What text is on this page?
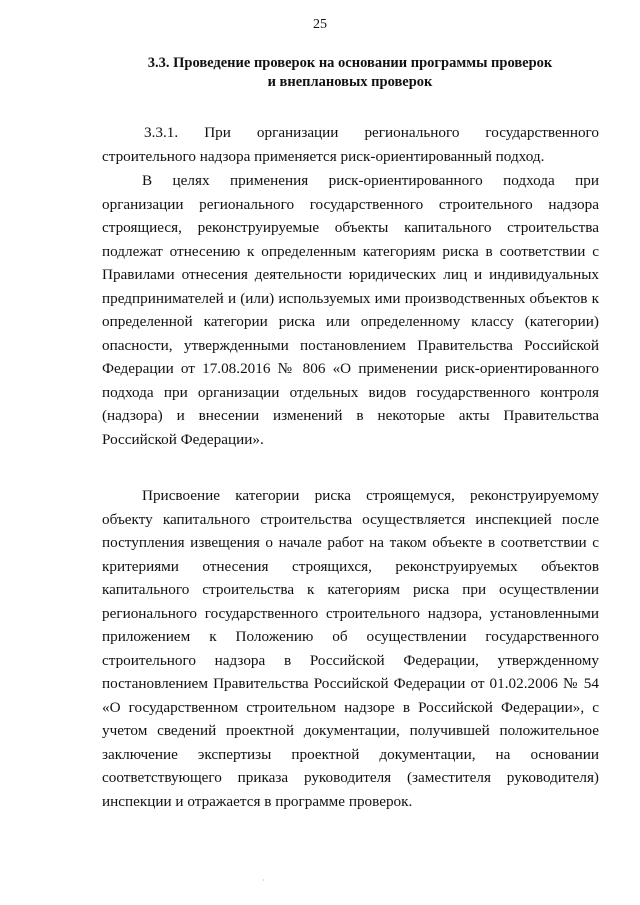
25
3.3. Проведение проверок на основании программы проверок
и внеплановых проверок

3.3.1. При организации регионального государственного строительного надзора применяется риск-ориентированный подход.

В целях применения риск-ориентированного подхода при организации регионального государственного строительного надзора строящиеся, реконструируемые объекты капитального строительства подлежат отнесению к определенным категориям риска в соответствии с Правилами отнесения деятельности юридических лиц и индивидуальных предпринимателей и (или) используемых ими производственных объектов к определенной категории риска или определенному классу (категории) опасности, утвержденными постановлением Правительства Российской Федерации от 17.08.2016 № 806 «О применении риск-ориентированного подхода при организации отдельных видов государственного контроля (надзора) и внесении изменений в некоторые акты Правительства Российской Федерации».

Присвоение категории риска строящемуся, реконструируемому объекту капитального строительства осуществляется инспекцией после поступления извещения о начале работ на таком объекте в соответствии с критериями отнесения строящихся, реконструируемых объектов капитального строительства к категориям риска при осуществлении регионального государственного строительного надзора, установленными приложением к Положению об осуществлении государственного строительного надзора в Российской Федерации, утвержденному постановлением Правительства Российской Федерации от 01.02.2006 № 54 «О государственном строительном надзоре в Российской Федерации», с учетом сведений проектной документации, получившей положительное заключение экспертизы проектной документации, на основании соответствующего приказа руководителя (заместителя руководителя) инспекции и отражается в программе проверок.

·
